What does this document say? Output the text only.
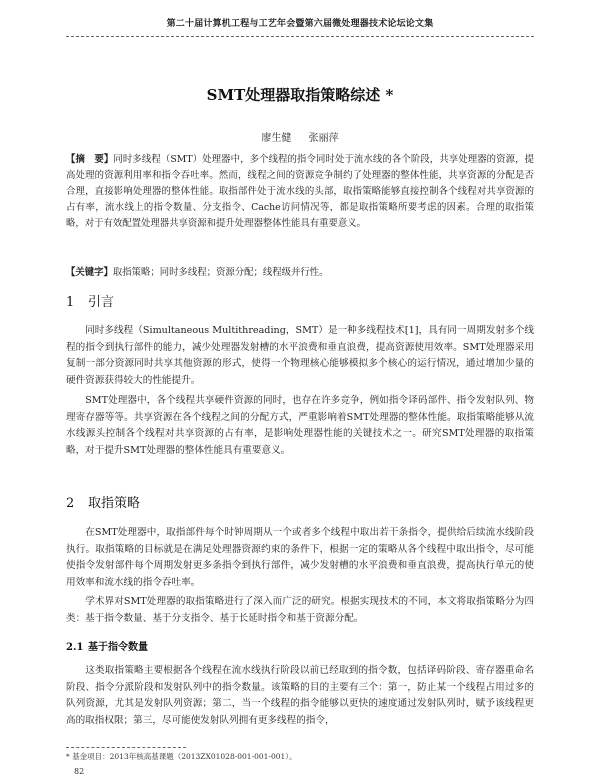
第二十届计算机工程与工艺年会暨第六届微处理器技术论坛论文集
SMT处理器取指策略综述 *
廖生健 张丽萍
【摘　要】同时多线程（SMT）处理器中，多个线程的指令同时处于流水线的各个阶段，共享处理器的资源，提高处理的资源利用率和指令吞吐率。然而，线程之间的资源竞争制约了处理器的整体性能，共享资源的分配是否合理，直接影响处理器的整体性能。取指部件处于流水线的头部，取指策略能够直接控制各个线程对共享资源的占有率，流水线上的指令数量、分支指令、Cache访问情况等，都是取指策略所要考虑的因素。合理的取指策略，对于有效配置处理器共享资源和提升处理器整体性能具有重要意义。
【关键字】取指策略；同时多线程；资源分配；线程级并行性。
1 引言
同时多线程（Simultaneous Multithreading，SMT）是一种多线程技术[1]，具有同一周期发射多个线程的指令到执行部件的能力，减少处理器发射槽的水平浪费和垂直浪费，提高资源使用效率。SMT处理器采用复制一部分资源同时共享其他资源的形式，使得一个物理核心能够模拟多个核心的运行情况，通过增加少量的硬件资源获得较大的性能提升。
SMT处理器中，各个线程共享硬件资源的同时，也存在许多竞争，例如指令译码部件、指令发射队列、物理寄存器等等。共享资源在各个线程之间的分配方式，严重影响着SMT处理器的整体性能。取指策略能够从流水线源头控制各个线程对共享资源的占有率，是影响处理器性能的关键技术之一。研究SMT处理器的取指策略，对于提升SMT处理器的整体性能具有重要意义。
2 取指策略
在SMT处理器中，取指部件每个时钟周期从一个或者多个线程中取出若干条指令，提供给后续流水线阶段执行。取指策略的目标就是在满足处理器资源约束的条件下，根据一定的策略从各个线程中取出指令，尽可能使指令发射部件每个周期发射更多条指令到执行部件，减少发射槽的水平浪费和垂直浪费，提高执行单元的使用效率和流水线的指令吞吐率。
学术界对SMT处理器的取指策略进行了深入而广泛的研究。根据实现技术的不同，本文将取指策略分为四类：基于指令数量、基于分支指令、基于长延时指令和基于资源分配。
2.1 基于指令数量
这类取指策略主要根据各个线程在流水线执行阶段以前已经取到的指令数，包括译码阶段、寄存器重命名阶段、指令分派阶段和发射队列中的指令数量。该策略的目的主要有三个：第一，防止某一个线程占用过多的队列资源，尤其是发射队列资源；第二，当一个线程的指令能够以更快的速度通过发射队列时，赋予该线程更高的取指权限；第三，尽可能使发射队列拥有更多线程的指令，
* 基金项目：2013年核高基课题（2013ZX01028-001-001-001）。
82
